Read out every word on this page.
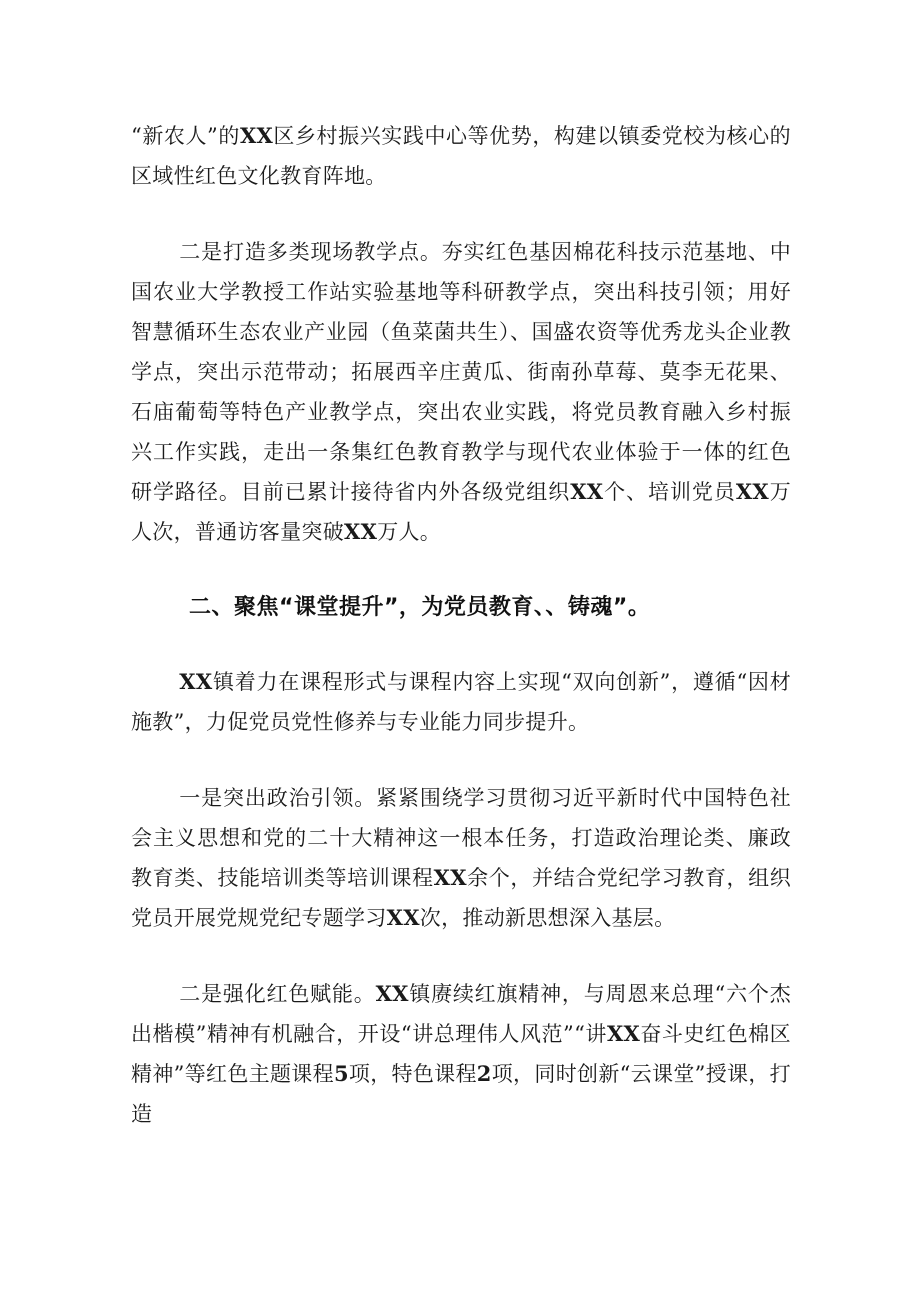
“新农人”的XX区乡村振兴实践中心等优势，构建以镇委党校为核心的区域性红色文化教育阵地。

二是打造多类现场教学点。夯实红色基因棉花科技示范基地、中国农业大学教授工作站实验基地等科研教学点，突出科技引领；用好智慧循环生态农业产业园（鱼菜菌共生）、国盛农资等优秀龙头企业教学点，突出示范带动；拓展西辛庄黄瓜、街南孙草莓、莫李无花果、石庙葡萄等特色产业教学点，突出农业实践，将党员教育融入乡村振兴工作实践，走出一条集红色教育教学与现代农业体验于一体的红色研学路径。目前已累计接待省内外各级党组织XX个、培训党员XX万人次，普通访客量突破XX万人。

二、聚焦“课堂提升”，为党员教育、、铸魂”。

XX镇着力在课程形式与课程内容上实现“双向创新”，遵循“因材施教”，力促党员党性修养与专业能力同步提升。

一是突出政治引领。紧紧围绕学习贯彻习近平新时代中国特色社会主义思想和党的二十大精神这一根本任务，打造政治理论类、廉政教育类、技能培训类等培训课程XX余个，并结合党纪学习教育，组织党员开展党规党纪专题学习XX次，推动新思想深入基层。

二是强化红色赋能。XX镇赓续红旗精神，与周恩来总理“六个杰出楷模”精神有机融合，开设“讲总理伟人风范”“讲XX奋斗史红色棉区精神”等红色主题课程5项，特色课程2项，同时创新“云课堂”授课，打造
